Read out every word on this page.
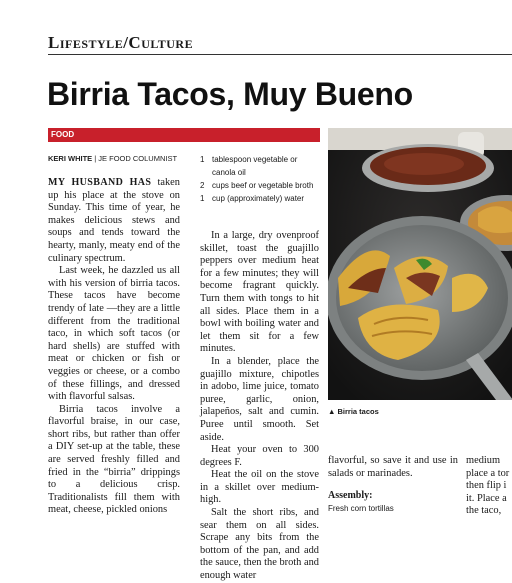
Lifestyle/Culture
Birria Tacos, Muy Bueno
FOOD
KERI WHITE | JE FOOD COLUMNIST

MY HUSBAND HAS taken up his place at the stove on Sunday. This time of year, he makes delicious stews and soups and tends toward the hearty, manly, meaty end of the culinary spectrum.

Last week, he dazzled us all with his version of birria tacos. These tacos have become trendy of late —they are a little different from the traditional taco, in which soft tacos (or hard shells) are stuffed with meat or chicken or fish or veggies or cheese, or a combo of these fillings, and dressed with flavorful salsas.

Birria tacos involve a flavorful braise, in our case, short ribs, but rather than offer a DIY set-up at the table, these are served freshly filled and fried in the “birria” drippings to a delicious crisp. Traditionalists fill them with meat, cheese, pickled onions

1 tablespoon vegetable or canola oil
2 cups beef or vegetable broth
1 cup (approximately) water

In a large, dry ovenproof skillet, toast the guajillo peppers over medium heat for a few minutes; they will become fragrant quickly. Turn them with tongs to hit all sides. Place them in a bowl with boiling water and let them sit for a few minutes.

In a blender, place the guajillo mixture, chipotles in adobo, lime juice, tomato puree, garlic, onion, jalapeños, salt and cumin. Puree until smooth. Set aside.

Heat your oven to 300 degrees F.

Heat the oil on the stove in a skillet over medium-high.

Salt the short ribs, and sear them on all sides. Scrape any bits from the bottom of the pan, and add the sauce, then the broth and enough water

▲ Birria tacos

flavorful, so save it and use in salads or marinades.

Assembly:
Fresh corn tortillas
medium
place a tor
then flip i
it. Place a
the taco,
